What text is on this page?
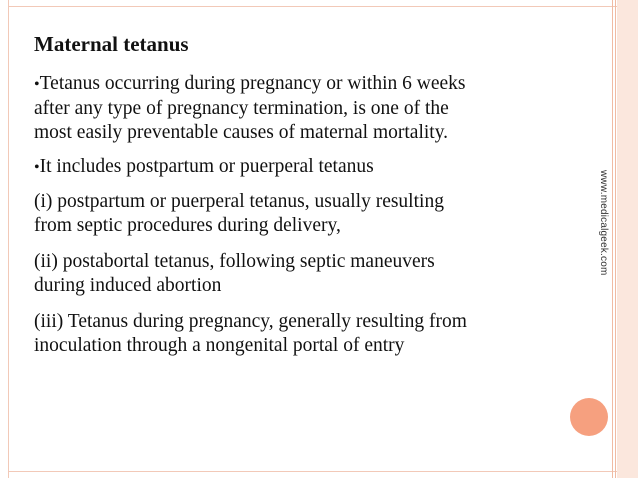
www.medicalgeek.com
Maternal tetanus
• Tetanus occurring during pregnancy or within 6 weeks
after any type of pregnancy termination, is one of the
most easily preventable causes of maternal mortality.
• It includes postpartum or puerperal tetanus
(i) postpartum or puerperal tetanus, usually resulting
from septic procedures during delivery,
(ii) postabortal tetanus, following septic maneuvers
during induced abortion
(iii) Tetanus during pregnancy, generally resulting from
inoculation through a nongenital portal of entry
